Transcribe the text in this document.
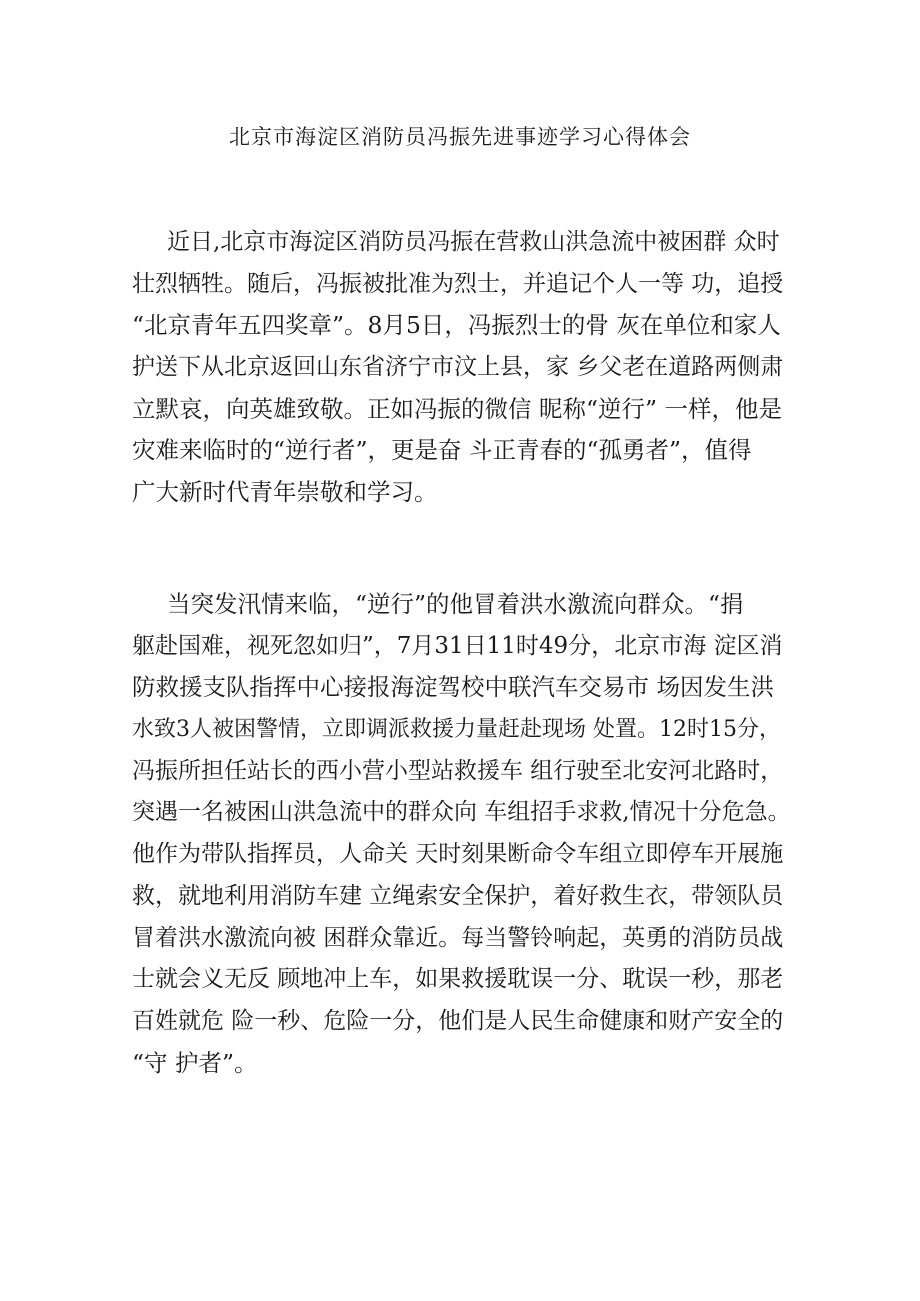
北京市海淀区消防员冯振先进事迹学习心得体会
近日,北京市海淀区消防员冯振在营救山洪急流中被困群 众时
壮烈牺牲。随后，冯振被批准为烈士，并追记个人一等 功，追授
“北京青年五四奖章”。8月5日，冯振烈士的骨 灰在单位和家人
护送下从北京返回山东省济宁市汶上县，家 乡父老在道路两侧肃
立默哀，向英雄致敬。正如冯振的微信 昵称“逆行” 一样，他是
灾难来临时的“逆行者”，更是奋 斗正青春的“孤勇者”，值得
广大新时代青年崇敬和学习。
当突发汛情来临，“逆行”的他冒着洪水激流向群众。“捐
躯赴国难，视死忽如归”，7月31日11时49分，北京市海 淀区消
防救援支队指挥中心接报海淀驾校中联汽车交易市 场因发生洪
水致3人被困警情，立即调派救援力量赶赴现场 处置。12时15分，
冯振所担任站长的西小营小型站救援车 组行驶至北安河北路时，
突遇一名被困山洪急流中的群众向 车组招手求救,情况十分危急。
他作为带队指挥员，人命关 天时刻果断命令车组立即停车开展施
救，就地利用消防车建 立绳索安全保护，着好救生衣，带领队员
冒着洪水激流向被 困群众靠近。每当警铃响起，英勇的消防员战
士就会义无反 顾地冲上车，如果救援耽误一分、耽误一秒，那老
百姓就危 险一秒、危险一分，他们是人民生命健康和财产安全的
“守 护者”。
